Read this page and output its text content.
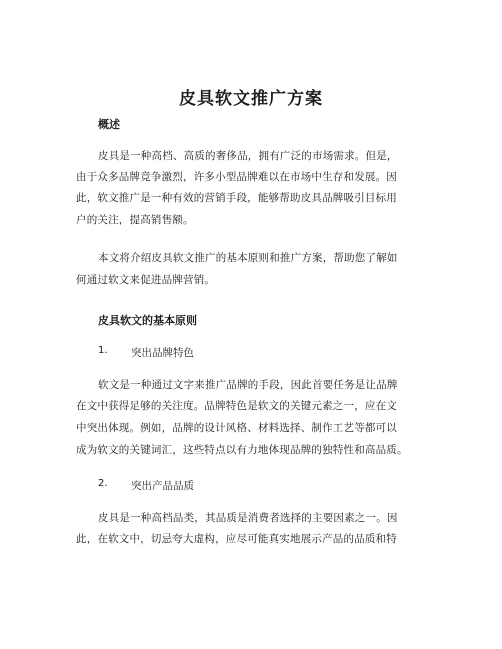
皮具软文推广方案
概述
皮具是一种高档、高质的奢侈品，拥有广泛的市场需求。但是，
由于众多品牌竞争激烈，许多小型品牌难以在市场中生存和发展。因
此，软文推广是一种有效的营销手段，能够帮助皮具品牌吸引目标用
户的关注，提高销售额。
本文将介绍皮具软文推广的基本原则和推广方案，帮助您了解如
何通过软文来促进品牌营销。
皮具软文的基本原则
1. 突出品牌特色
软文是一种通过文字来推广品牌的手段，因此首要任务是让品牌
在文中获得足够的关注度。品牌特色是软文的关键元素之一，应在文
中突出体现。例如，品牌的设计风格、材料选择、制作工艺等都可以
成为软文的关键词汇，这些特点以有力地体现品牌的独特性和高品质。
2. 突出产品品质
皮具是一种高档品类，其品质是消费者选择的主要因素之一。因
此，在软文中，切忌夸大虚构，应尽可能真实地展示产品的品质和特
